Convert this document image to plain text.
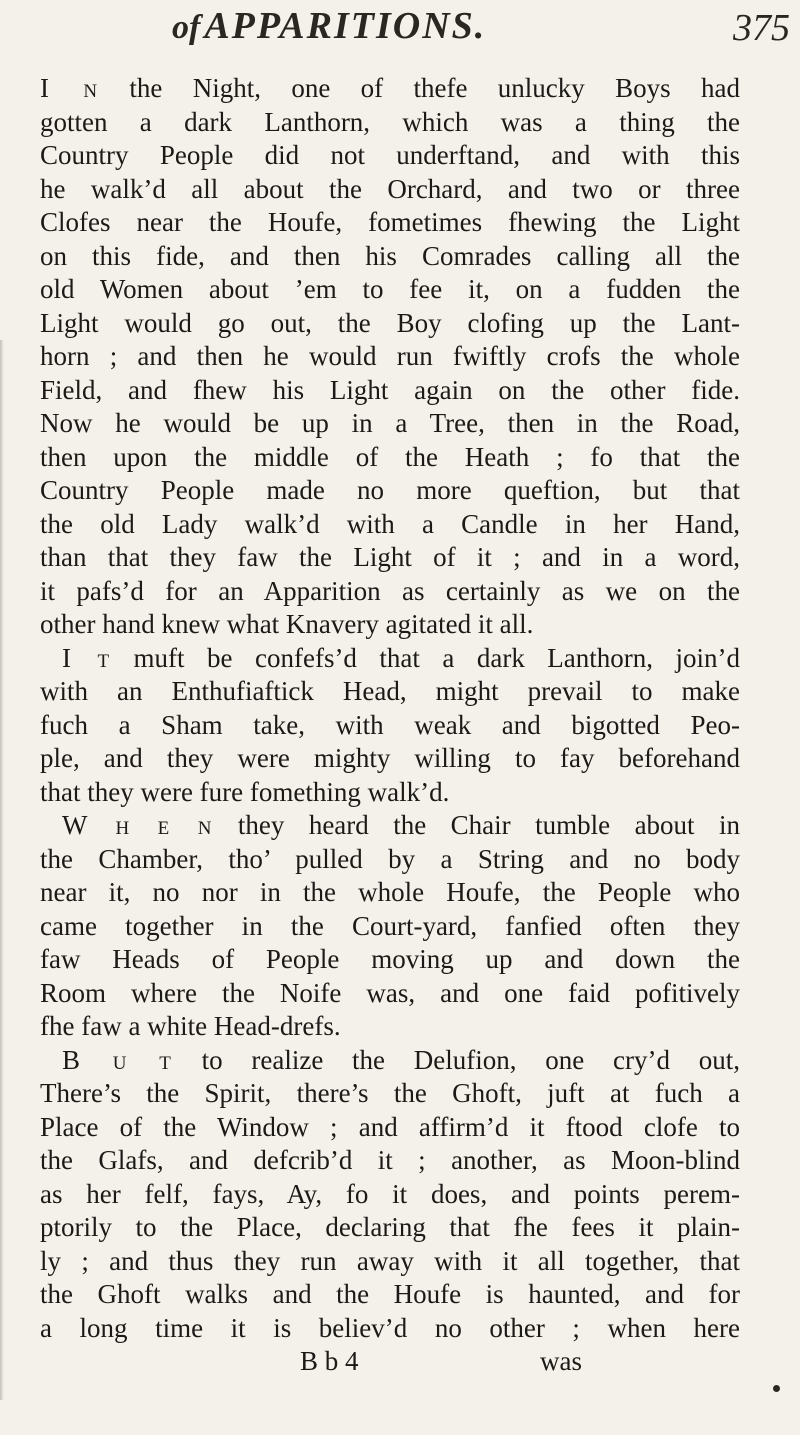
of APPARITIONS.	375
I n the Night, one of thefe unlucky Boys had
gotten a dark Lanthorn, which was a thing the
Country People did not underftand, and with this
he walk’d all about the Orchard, and two or three
Clofes near the Houfe, fometimes fhewing the Light
on this fide, and then his Comrades calling all the
old Women about ’em to fee it, on a fudden the
Light would go out, the Boy clofing up the Lant-
horn ; and then he would run fwiftly crofs the whole
Field, and fhew his Light again on the other fide.
Now he would be up in a Tree, then in the Road,
then upon the middle of the Heath ; fo that the
Country People made no more queftion, but that
the old Lady walk’d with a Candle in her Hand,
than that they faw the Light of it ; and in a word,
it pafs’d for an Apparition as certainly as we on the
other hand knew what Knavery agitated it all.
I t muft be confefs’d that a dark Lanthorn, join’d
with an Enthufiaftick Head, might prevail to make
fuch a Sham take, with weak and bigotted Peo-
ple, and they were mighty willing to fay beforehand
that they were fure fomething walk’d.
W h e n they heard the Chair tumble about in
the Chamber, tho’ pulled by a String and no body
near it, no nor in the whole Houfe, the People who
came together in the Court-yard, fanfied often they
faw Heads of People moving up and down the
Room where the Noife was, and one faid pofitively
fhe faw a white Head-drefs.
B u t to realize the Delufion, one cry’d out,
There’s the Spirit, there’s the Ghoft, juft at fuch a
Place of the Window ; and affirm’d it ftood clofe to
the Glafs, and defcrib’d it ; another, as Moon-blind
as her felf, fays, Ay, fo it does, and points perem-
ptorily to the Place, declaring that fhe fees it plain-
ly ; and thus they run away with it all together, that
the Ghoft walks and the Houfe is haunted, and for
a long time it is believ’d no other ; when here
B b 4	was
